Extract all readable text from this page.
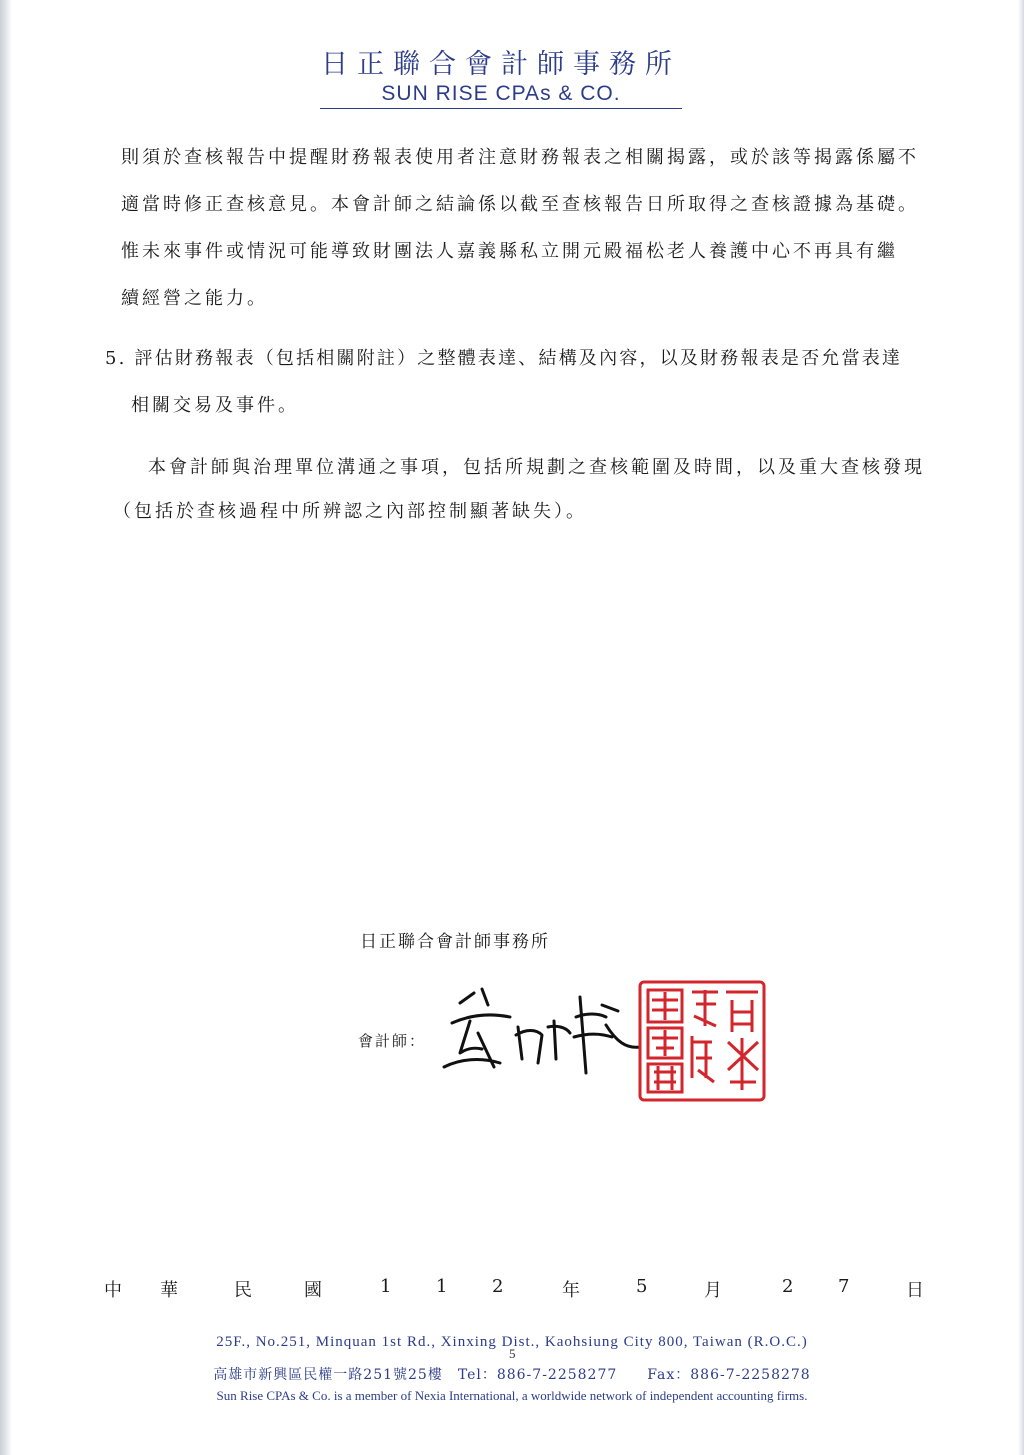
日正聯合會計師事務所
SUN RISE CPAs & CO.
則須於查核報告中提醒財務報表使用者注意財務報表之相關揭露，或於該等揭露係屬不
適當時修正查核意見。本會計師之結論係以截至查核報告日所取得之查核證據為基礎。
惟未來事件或情況可能導致財團法人嘉義縣私立開元殿福松老人養護中心不再具有繼
續經營之能力。
5. 評估財務報表（包括相關附註）之整體表達、結構及內容，以及財務報表是否允當表達
相關交易及事件。
本會計師與治理單位溝通之事項，包括所規劃之查核範圍及時間，以及重大查核發現
（包括於查核過程中所辨認之內部控制顯著缺失）。
日正聯合會計師事務所
會計師：
中 華	民	國	1 1 2	年	5	月	2 7	日
25F., No.251, Minquan 1st Rd., Xinxing Dist., Kaohsiung City 800, Taiwan (R.O.C.)
5
高雄市新興區民權一路251號25樓　Tel：886-7-2258277　　Fax：886-7-2258278
Sun Rise CPAs & Co. is a member of Nexia International, a worldwide network of independent accounting firms.
